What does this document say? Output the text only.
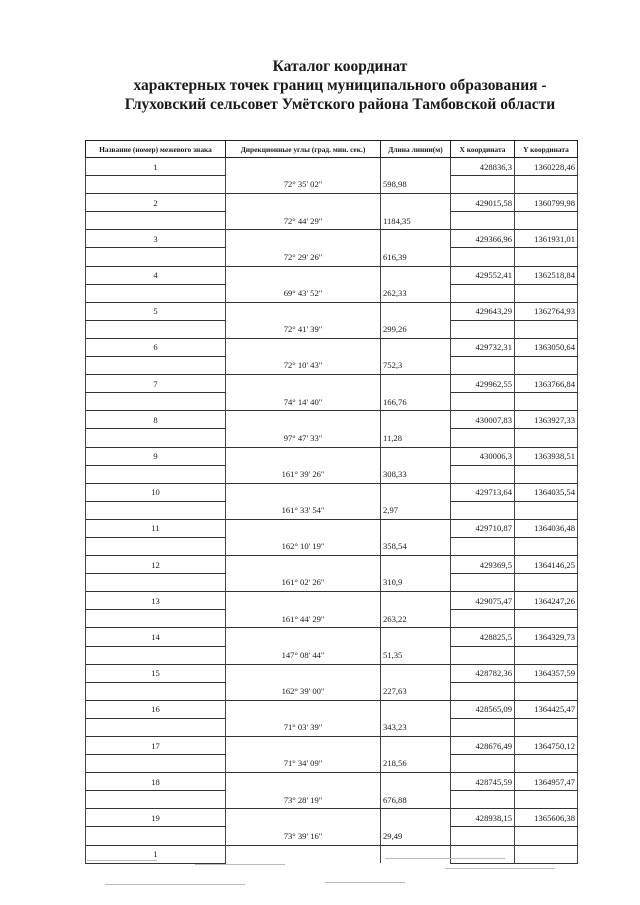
Каталог координат
характерных точек границ муниципального образования -
Глуховский сельсовет Умётского района Тамбовской области
Название (номер) межевого знака	Дирекционные углы (град. мин. сек.)	Длина линии(м)	X координата	Y координата
1			428836,3	1360228,46
	72° 35' 02"	598,98		
2			429015,58	1360799,98
	72° 44' 29"	1184,35		
3			429366,96	1361931,01
	72° 29' 26"	616,39		
4			429552,41	1362518,84
	69° 43' 52"	262,33		
5			429643,29	1362764,93
	72° 41' 39"	299,26		
6			429732,31	1363050,64
	72° 10' 43"	752,3		
7			429962,55	1363766,84
	74° 14' 40"	166,76		
8			430007,83	1363927,33
	97° 47' 33"	11,28		
9			430006,3	1363938,51
	161° 39' 26"	308,33		
10			429713,64	1364035,54
	161° 33' 54"	2,97		
11			429710,87	1364036,48
	162° 10' 19"	358,54		
12			429369,5	1364146,25
	161° 02' 26"	310,9		
13			429075,47	1364247,26
	161° 44' 29"	263,22		
14			428825,5	1364329,73
	147° 08' 44"	51,35		
15			428782,36	1364357,59
	162° 39' 00"	227,63		
16			428565,09	1364425,47
	71° 03' 39"	343,23		
17			428676,49	1364750,12
	71° 34' 09"	218,56		
18			428745,59	1364957,47
	73° 28' 19"	676,88		
19			428938,15	1365606,38
	73° 39' 16"	29,49		
1				
